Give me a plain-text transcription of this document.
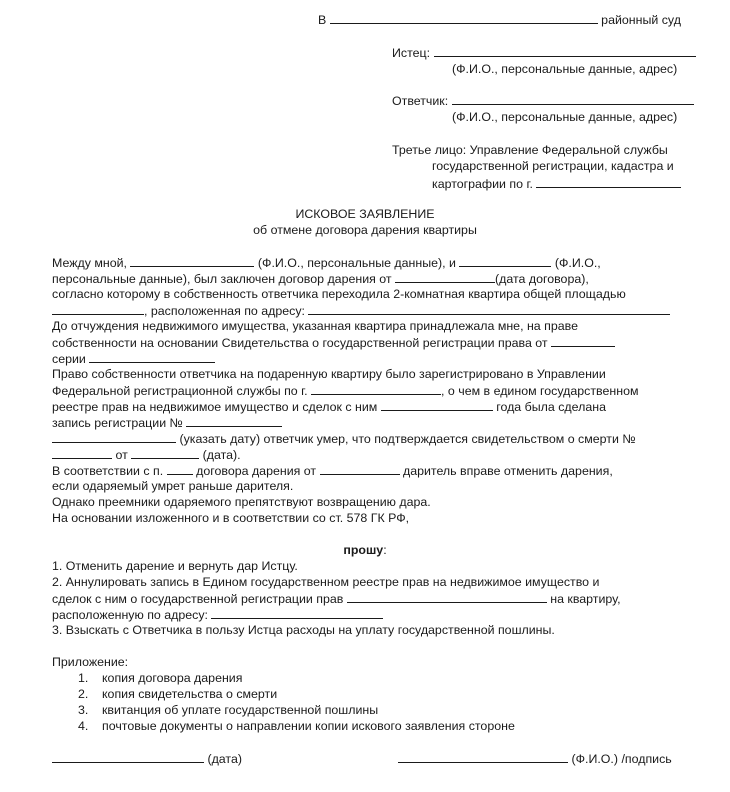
В	районный суд
Истец:
(Ф.И.О., персональные данные, адрес)
Ответчик:
(Ф.И.О., персональные данные, адрес)
Третье лицо: Управление Федеральной службы
государственной регистрации, кадастра и
картографии по г.
ИСКОВОЕ ЗАЯВЛЕНИЕ
об отмене договора дарения квартиры
Между мной,	(Ф.И.О., персональные данные), и	(Ф.И.О.,
персональные данные), был заключен договор дарения от	(дата договора),
согласно которому в собственность ответчика переходила 2-комнатная квартира общей площадью
, расположенная по адресу:
До отчуждения недвижимого имущества, указанная квартира принадлежала мне, на праве
собственности на основании Свидетельства о государственной регистрации права от
серии
Право собственности ответчика на подаренную квартиру было зарегистрировано в Управлении
Федеральной регистрационной службы по г.	, о чем в едином государственном
реестре прав на недвижимое имущество и сделок с ним	года была сделана
запись регистрации №
(указать дату) ответчик умер, что подтверждается свидетельством о смерти №
от	(дата).
В соответствии с п.	договора дарения от	даритель вправе отменить дарения,
если одаряемый умрет раньше дарителя.
Однако преемники одаряемого препятствуют возвращению дара.
На основании изложенного и в соответствии со ст. 578 ГК РФ,
прошу:
1. Отменить дарение и вернуть дар Истцу.
2. Аннулировать запись в Едином государственном реестре прав на недвижимое имущество и
сделок с ним о государственной регистрации прав	на квартиру,
расположенную по адресу:
3. Взыскать с Ответчика в пользу Истца расходы на уплату государственной пошлины.
Приложение:
1. копия договора дарения
2. копия свидетельства о смерти
3. квитанция об уплате государственной пошлины
4. почтовые документы о направлении копии искового заявления стороне
(дата)	(Ф.И.О.) /подпись
